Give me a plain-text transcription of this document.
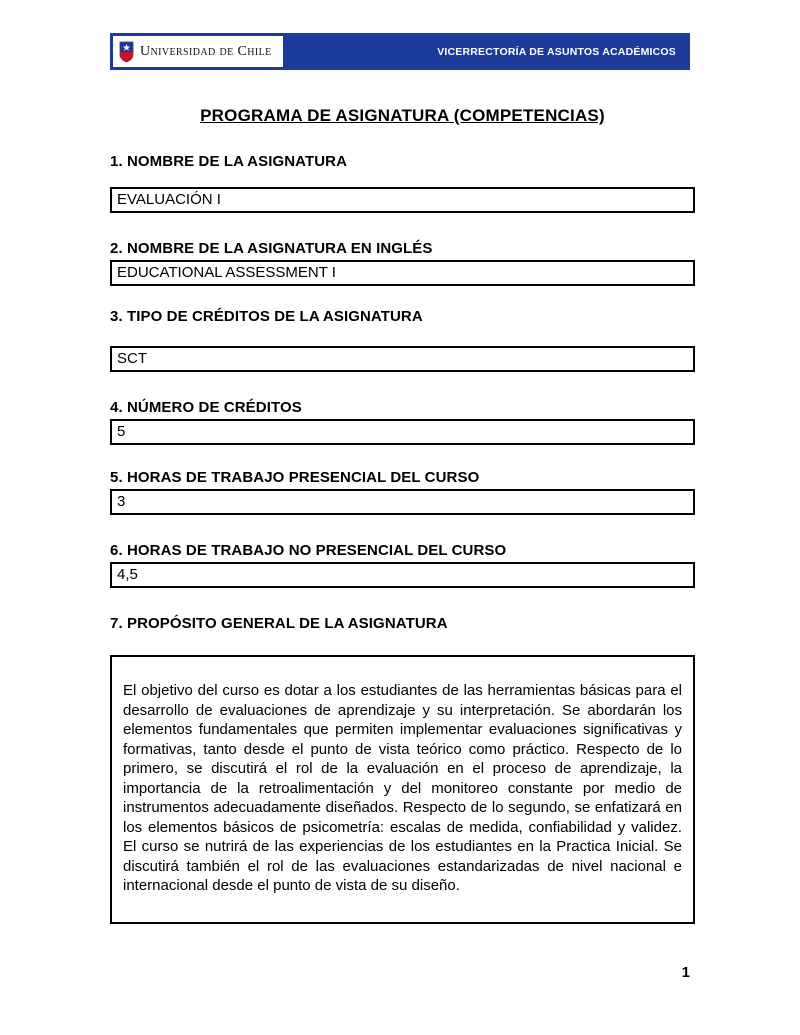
Universidad de Chile	VICERRECTORÍA DE ASUNTOS ACADÉMICOS
PROGRAMA DE ASIGNATURA (COMPETENCIAS)
1. NOMBRE DE LA ASIGNATURA
EVALUACIÓN I
2. NOMBRE DE LA ASIGNATURA EN INGLÉS
EDUCATIONAL ASSESSMENT I
3. TIPO DE CRÉDITOS DE LA ASIGNATURA
SCT
4. NÚMERO DE CRÉDITOS
5
5. HORAS DE TRABAJO PRESENCIAL DEL CURSO
3
6. HORAS DE TRABAJO NO PRESENCIAL DEL CURSO
4,5
7. PROPÓSITO GENERAL DE LA ASIGNATURA
El objetivo del curso es dotar a los estudiantes de las herramientas básicas para el desarrollo de evaluaciones de aprendizaje y su interpretación. Se abordarán los elementos fundamentales que permiten implementar evaluaciones significativas y formativas, tanto desde el punto de vista teórico como práctico. Respecto de lo primero, se discutirá el rol de la evaluación en el proceso de aprendizaje, la importancia de la retroalimentación y del monitoreo constante por medio de instrumentos adecuadamente diseñados. Respecto de lo segundo, se enfatizará en los elementos básicos de psicometría: escalas de medida, confiabilidad y validez. El curso se nutrirá de las experiencias de los estudiantes en la Practica Inicial. Se discutirá también el rol de las evaluaciones estandarizadas de nivel nacional e internacional desde el punto de vista de su diseño.
1
